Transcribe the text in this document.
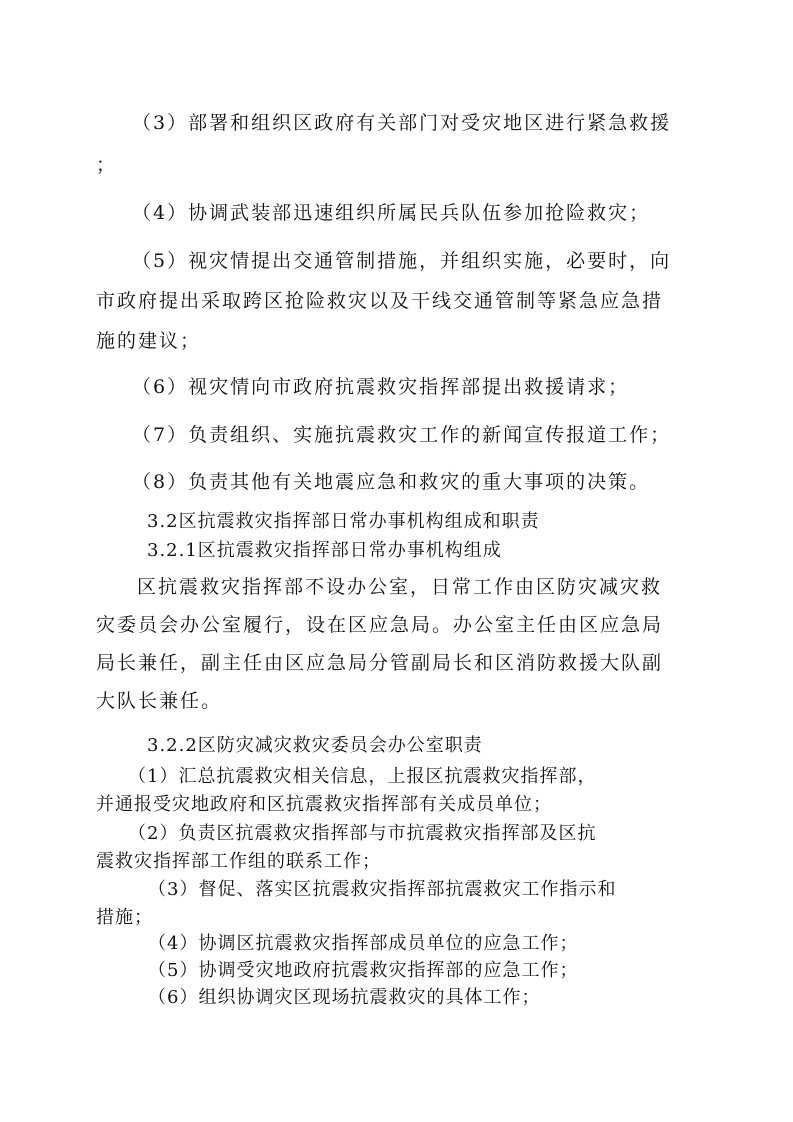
（3）部署和组织区政府有关部门对受灾地区进行紧急救援
；
（4）协调武装部迅速组织所属民兵队伍参加抢险救灾；
（5）视灾情提出交通管制措施，并组织实施，必要时，向
市政府提出采取跨区抢险救灾以及干线交通管制等紧急应急措
施的建议；
（6）视灾情向市政府抗震救灾指挥部提出救援请求；
（7）负责组织、实施抗震救灾工作的新闻宣传报道工作；
（8）负责其他有关地震应急和救灾的重大事项的决策。
3.2区抗震救灾指挥部日常办事机构组成和职责
3.2.1区抗震救灾指挥部日常办事机构组成
区抗震救灾指挥部不设办公室，日常工作由区防灾减灾救
灾委员会办公室履行，设在区应急局。办公室主任由区应急局
局长兼任，副主任由区应急局分管副局长和区消防救援大队副
大队长兼任。
3.2.2区防灾减灾救灾委员会办公室职责
（1）汇总抗震救灾相关信息，上报区抗震救灾指挥部，
并通报受灾地政府和区抗震救灾指挥部有关成员单位；
（2）负责区抗震救灾指挥部与市抗震救灾指挥部及区抗
震救灾指挥部工作组的联系工作；
（3）督促、落实区抗震救灾指挥部抗震救灾工作指示和
措施；
（4）协调区抗震救灾指挥部成员单位的应急工作；
（5）协调受灾地政府抗震救灾指挥部的应急工作；
（6）组织协调灾区现场抗震救灾的具体工作；
